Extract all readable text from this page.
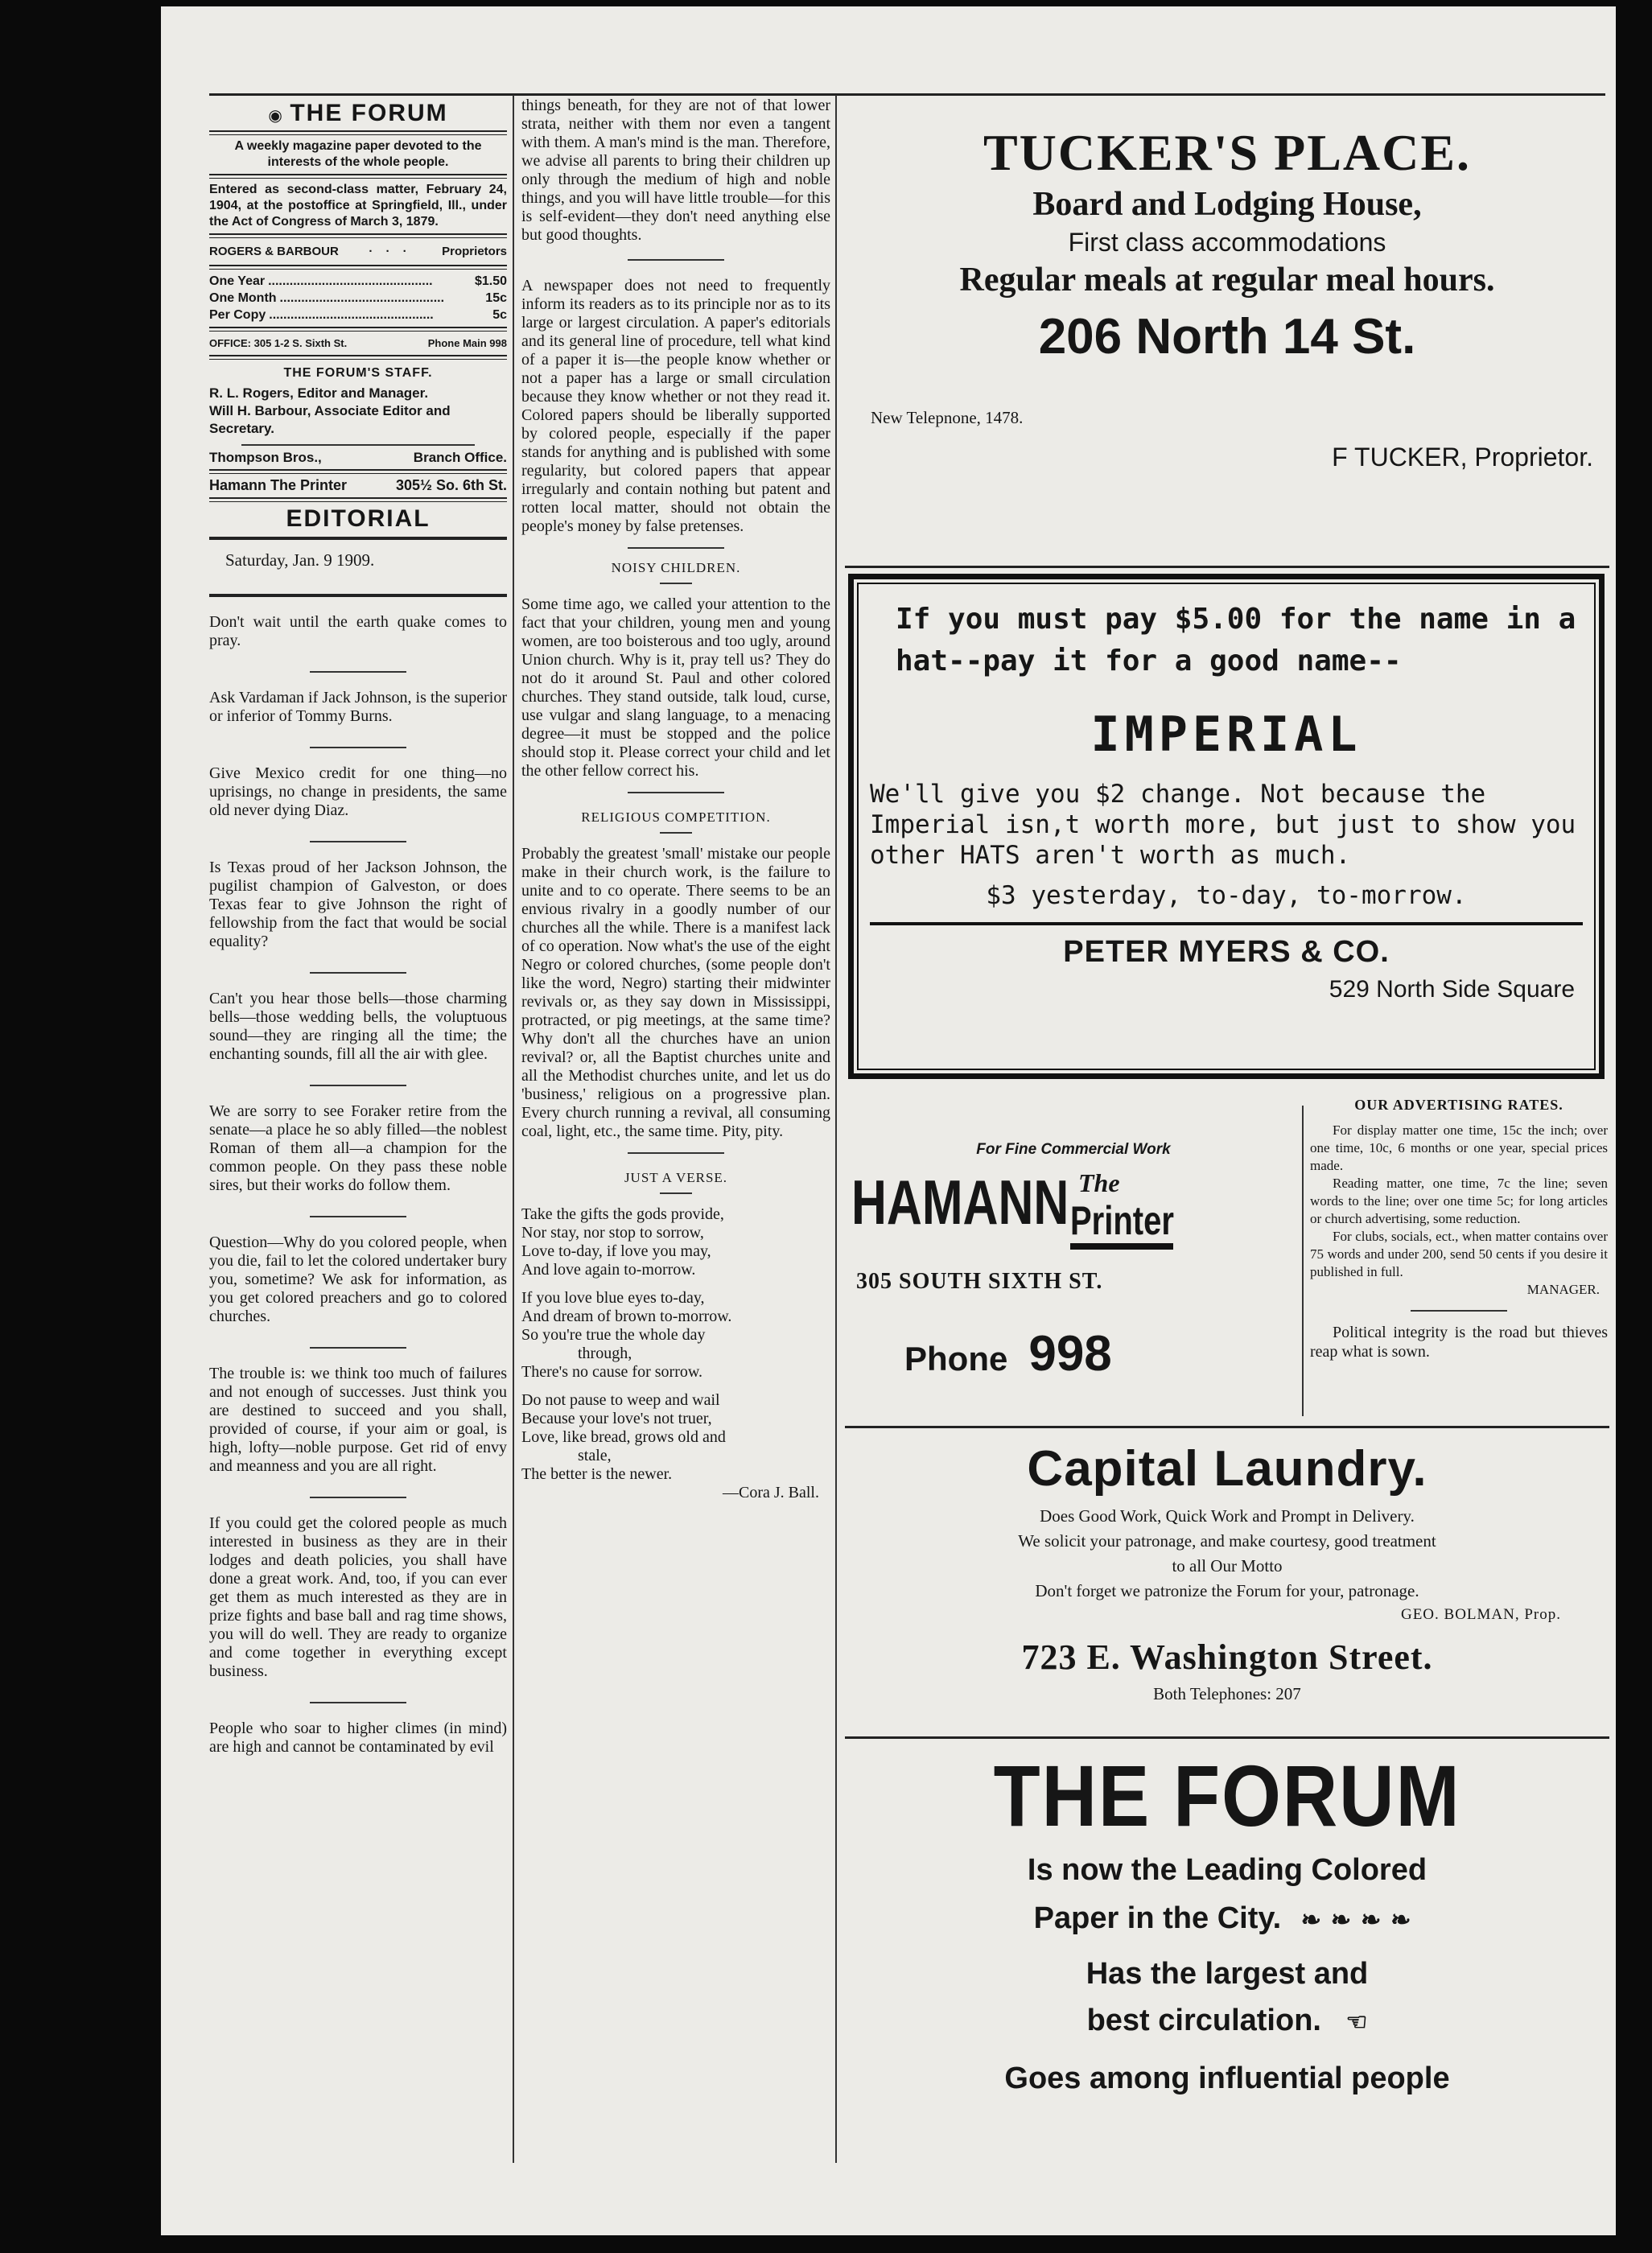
◉ THE FORUM

A weekly magazine paper devoted to the interests of the whole people.

Entered as second-class matter, February 24, 1904, at the postoffice at Springfield, Ill., under the Act of Congress of March 3, 1879.

ROGERS & BARBOUR · · · Proprietors
One Year ..............................................	$1.50
One Month ..............................................	15c
Per Copy ..............................................	5c
OFFICE: 305 1-2 S. Sixth St.	Phone Main 998
THE FORUM'S STAFF.

R. L. Rogers, Editor and Manager.

Will H. Barbour, Associate Editor and Secretary.

Thompson Bros.,	Branch Office.
Hamann The Printer	305½ So. 6th St.
EDITORIAL

Saturday, Jan. 9 1909.

Don't wait until the earth quake comes to pray.

Ask Vardaman if Jack Johnson, is the superior or inferior of Tommy Burns.

Give Mexico credit for one thing—no uprisings, no change in presidents, the same old never dying Diaz.

Is Texas proud of her Jackson Johnson, the pugilist champion of Galveston, or does Texas fear to give Johnson the right of fellowship from the fact that would be social equality?

Can't you hear those bells—those charming bells—those wedding bells, the voluptuous sound—they are ringing all the time; the enchanting sounds, fill all the air with glee.

We are sorry to see Foraker retire from the senate—a place he so ably filled—the noblest Roman of them all—a champion for the common people. On they pass these noble sires, but their works do follow them.

Question—Why do you colored people, when you die, fail to let the colored undertaker bury you, sometime? We ask for information, as you get colored preachers and go to colored churches.

The trouble is: we think too much of failures and not enough of successes. Just think you are destined to succeed and you shall, provided of course, if your aim or goal, is high, lofty—noble purpose. Get rid of envy and meanness and you are all right.

If you could get the colored people as much interested in business as they are in their lodges and death policies, you shall have done a great work. And, too, if you can ever get them as much interested as they are in prize fights and base ball and rag time shows, you will do well. They are ready to organize and come together in everything except business.

People who soar to higher climes (in mind) are high and cannot be contaminated by evil

things beneath, for they are not of that lower strata, neither with them nor even a tangent with them. A man's mind is the man. Therefore, we advise all parents to bring their children up only through the medium of high and noble things, and you will have little trouble—for this is self-evident—they don't need anything else but good thoughts.

A newspaper does not need to frequently inform its readers as to its principle nor as to its large or largest circulation. A paper's editorials and its general line of procedure, tell what kind of a paper it is—the people know whether or not a paper has a large or small circulation because they know whether or not they read it. Colored papers should be liberally supported by colored people, especially if the paper stands for anything and is published with some regularity, but colored papers that appear irregularly and contain nothing but patent and rotten local matter, should not obtain the people's money by false pretenses.

NOISY CHILDREN.

Some time ago, we called your attention to the fact that your children, young men and young women, are too boisterous and too ugly, around Union church. Why is it, pray tell us? They do not do it around St. Paul and other colored churches. They stand outside, talk loud, curse, use vulgar and slang language, to a menacing degree—it must be stopped and the police should stop it. Please correct your child and let the other fellow correct his.

RELIGIOUS COMPETITION.

Probably the greatest 'small' mistake our people make in their church work, is the failure to unite and to co operate. There seems to be an envious rivalry in a goodly number of our churches all the while. There is a manifest lack of co operation. Now what's the use of the eight Negro or colored churches, (some people don't like the word, Negro) starting their midwinter revivals or, as they say down in Mississippi, protracted, or pig meetings, at the same time? Why don't all the churches have an union revival? or, all the Baptist churches unite and all the Methodist churches unite, and let us do 'business,' religious on a progressive plan. Every church running a revival, all consuming coal, light, etc., the same time. Pity, pity.

JUST A VERSE.

Take the gifts the gods provide,

Nor stay, nor stop to sorrow,

Love to-day, if love you may,

And love again to-morrow.

If you love blue eyes to-day,

And dream of brown to-morrow.

So you're true the whole day

through,

There's no cause for sorrow.

Do not pause to weep and wail

Because your love's not truer,

Love, like bread, grows old and

stale,

The better is the newer.

—Cora J. Ball.

TUCKER'S PLACE.
Board and Lodging House,
First class accommodations
Regular meals at regular meal hours.
206 North 14 St.
New Telepnone, 1478.
F TUCKER, Proprietor.
If you must pay $5.00 for the name in a hat--pay it for a good name--
IMPERIAL
We'll give you $2 change. Not because the Imperial isn,t worth more, but just to show you other HATS aren't worth as much.
$3 yesterday, to-day, to-morrow.
PETER MYERS & CO.
529 North Side Square
For Fine Commercial Work
HAMANN The
Printer
305 SOUTH SIXTH ST.
Phone 998
OUR ADVERTISING RATES.

For display matter one time, 15c the inch; over one time, 10c, 6 months or one year, special prices made.

Reading matter, one time, 7c the line; seven words to the line; over one time 5c; for long articles or church advertising, some reduction.

For clubs, socials, ect., when matter contains over 75 words and under 200, send 50 cents if you desire it published in full.

MANAGER.

Political integrity is the road but thieves reap what is sown.

Capital Laundry.
Does Good Work, Quick Work and Prompt in Delivery.
We solicit your patronage, and make courtesy, good treatment
to all Our Motto
Don't forget we patronize the Forum for your, patronage.
GEO. BOLMAN, Prop.
723 E. Washington Street.
Both Telephones: 207
THE FORUM
Is now the Leading Colored
Paper in the City. ❧❧❧❧
Has the largest and
best circulation. ☜
Goes among influential people
